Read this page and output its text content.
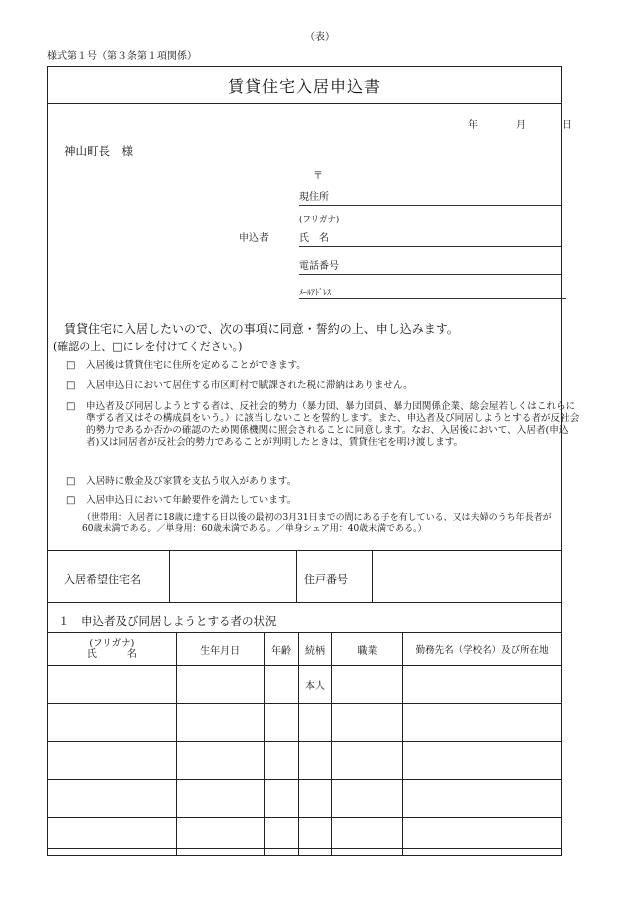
（表）
様式第１号（第３条第１項関係）
賃貸住宅入居申込書
年	月	日
神山町長　様
〒
現住所
(フリガナ)
申込者	氏　名
電話番号
ﾒｰﾙｱﾄﾞﾚｽ
賃貸住宅に入居したいので、次の事項に同意・誓約の上、申し込みます。
(確認の上、□にレを付けてください。)
□ 入居後は賃貸住宅に住所を定めることができます。
□ 入居申込日において居住する市区町村で賦課された税に滞納はありません。
□ 申込者及び同居しようとする者は、反社会的勢力（暴力団、暴力団員、暴力団関係企業、総会屋若しくはこれらに準ずる者又はその構成員をいう。）に該当しないことを誓約します。また、申込者及び同居しようとする者が反社会的勢力であるか否かの確認のため関係機関に照会されることに同意します。なお、入居後において、入居者(申込者)又は同居者が反社会的勢力であることが判明したときは、賃貸住宅を明け渡します。
□ 入居時に敷金及び家賃を支払う収入があります。
□ 入居申込日において年齢要件を満たしています。
（世帯用：入居者に18歳に達する日以後の最初の3月31日までの間にある子を有している、又は夫婦のうち年長者が60歳未満である。／単身用：60歳未満である。／単身シェア用：40歳未満である。）
入居希望住宅名	住戸番号
１　申込者及び同居しようとする者の状況
(フリガナ)
氏　　　名	生年月日	年齢	続柄	職業	勤務先名（学校名）及び所在地
			本人		
